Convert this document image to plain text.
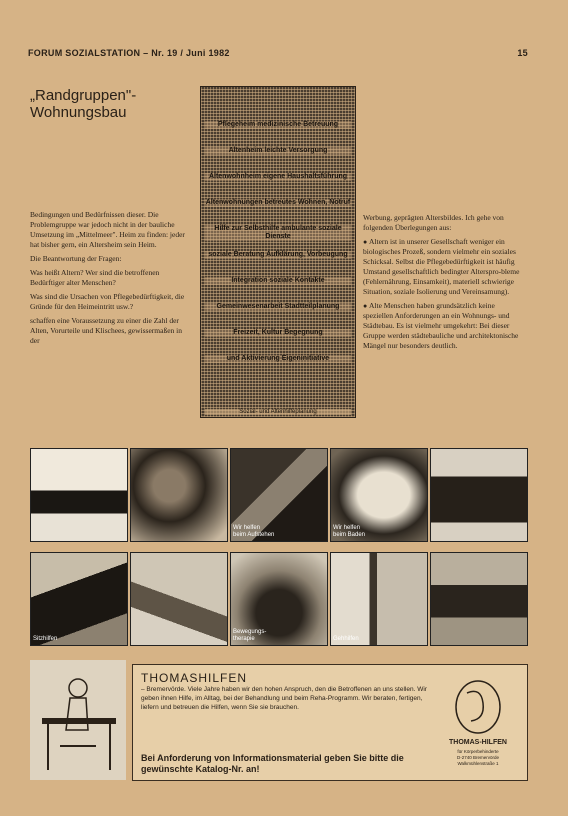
FORUM SOZIALSTATION – Nr. 19 / Juni 1982	15
„Randgruppen"-Wohnungsbau

Bedingungen und Bedürfnissen dieser. Die Problemgruppe war jedoch nicht in der bauliche Umsetzung im „Mittelmeer". Heim zu finden: jeder hat bisher gern, ein Altersheim sein Heim.

Die Beantwortung der Fragen:

Was heißt Altern? Wer sind die betroffenen Bedürftiger alter Menschen?

Was sind die Ursachen von Pflegebedürftigkeit, die Gründe für den Heimeintritt usw.?

schaffen eine Voraussetzung zu einer die Zahl der Alten, Vorurteile und Klischees, gewissermaßen in der

Pflegeheim medizinische Betreuung
Altenheim leichte Versorgung
Altenwohnheim eigene Haushaltsführung
Altenwohnungen betreutes Wohnen, Notruf
Hilfe zur Selbsthilfe ambulante soziale Dienste
soziale Beratung Aufklärung, Vorbeugung
Integration soziale Kontakte
Gemeinwesenarbeit Stadtteilplanung
Freizeit, Kultur Begegnung
und Aktivierung Eigeninitiative
Sozial- und Altenhilfeplanung

Werbung, geprägten Altersbildes. Ich gehe von folgenden Überlegungen aus:

● Altern ist in unserer Gesellschaft weniger ein biologisches Prozeß, sondern vielmehr ein soziales Schicksal. Selbst die Pflegebedürftigkeit ist häufig Umstand gesellschaftlich bedingter Alterspro-bleme (Fehlernährung, Einsamkeit), materiell schwierige Situation, soziale Isolierung und Vereinsamung).

● Alte Menschen haben grundsätzlich keine speziellen Anforderungen an ein Wohnungs- und Städtebau. Es ist vielmehr umgekehrt: Bei dieser Gruppe werden städtebauliche und architektonische Mängel nur besonders deutlich.

Wir helfen
beim Aufstehen
Wir helfen
beim Baden
Sitzhilfen
Bewegungs-
therapie	Gehhilfen
THOMASHILFEN
– Bremervörde. Viele Jahre haben wir den hohen Anspruch, den die Betroffenen an uns stellen. Wir geben ihnen Hilfe, im Alltag, bei der Behandlung und beim Reha-Programm. Wir beraten, fertigen, liefern und betreuen die Hilfen, wenn Sie sie brauchen.
Bei Anforderung von Informationsmaterial geben Sie bitte die gewünschte Katalog-Nr. an!
THOMAS-HILFEN
für Körperbehinderte
D-2740 Bremervörde
Walkmühlenstraße 1
